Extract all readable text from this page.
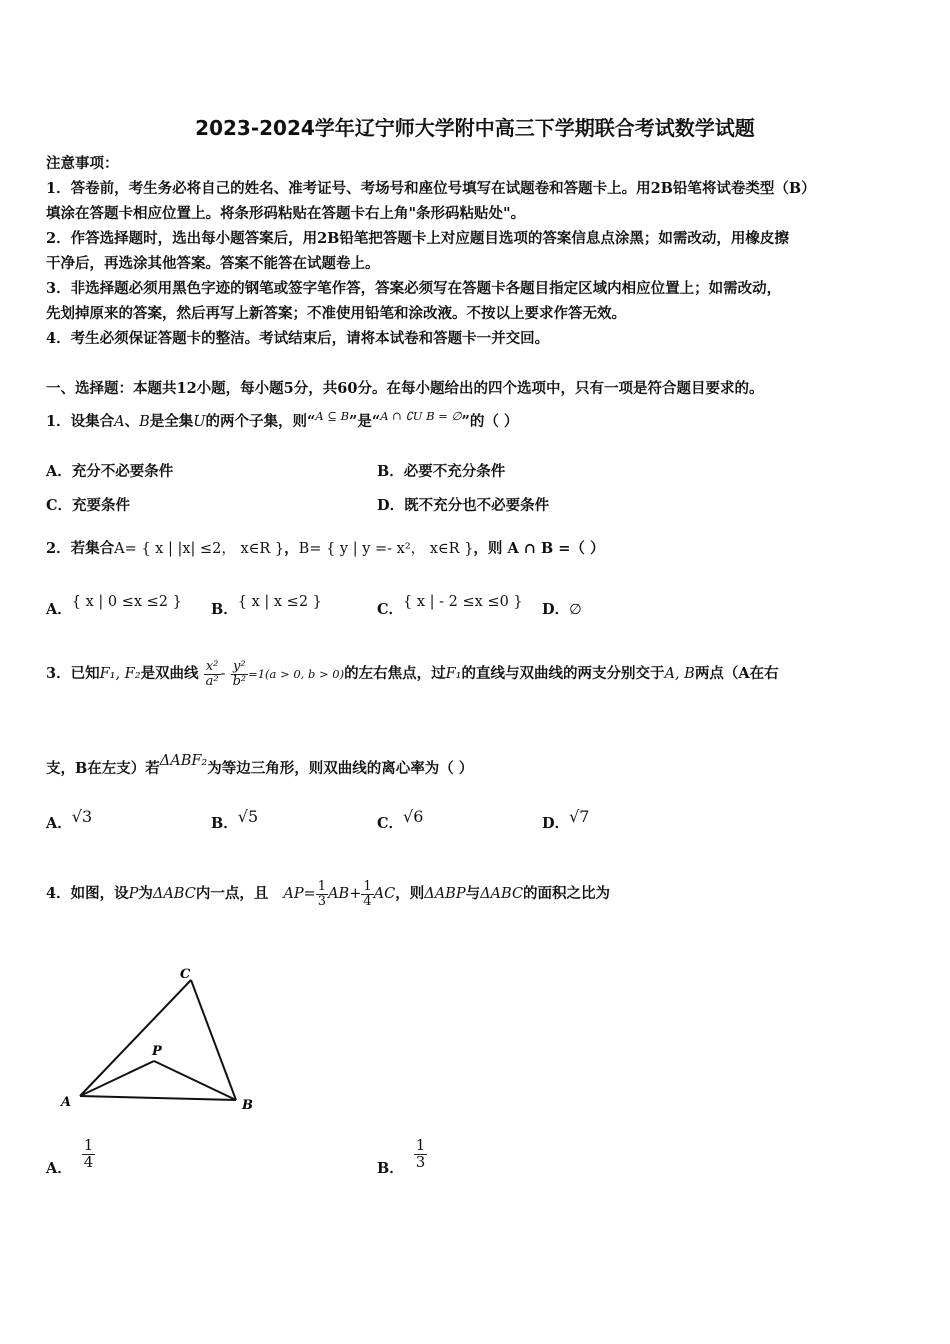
2023-2024学年辽宁师大学附中高三下学期联合考试数学试题
注意事项：
1．答卷前，考生务必将自己的姓名、准考证号、考场号和座位号填写在试题卷和答题卡上。用2B铅笔将试卷类型（B）
填涂在答题卡相应位置上。将条形码粘贴在答题卡右上角"条形码粘贴处"。
2．作答选择题时，选出每小题答案后，用2B铅笔把答题卡上对应题目选项的答案信息点涂黑；如需改动，用橡皮擦
干净后，再选涂其他答案。答案不能答在试题卷上。
3．非选择题必须用黑色字迹的钢笔或签字笔作答，答案必须写在答题卡各题目指定区域内相应位置上；如需改动，
先划掉原来的答案，然后再写上新答案；不准使用铅笔和涂改液。不按以上要求作答无效。
4．考生必须保证答题卡的整洁。考试结束后，请将本试卷和答题卡一并交回。
一、选择题：本题共12小题，每小题5分，共60分。在每小题给出的四个选项中，只有一项是符合题目要求的。
1．设集合A、B是全集U的两个子集，则“$^{A ⊆ B}$”是“$^{A \cap ∁U B = \emptyset}$”的（ ）
A．充分不必要条件	B．必要不充分条件
C．充要条件	D．既不充分也不必要条件
2．若集合A= { x | |x| ≤2， x∈R }，B= { y | y =- x²， x∈R }，则 A ∩ B =（ ）
A．{ x | 0 ≤x ≤2 } B．{ x | x ≤2 }	C．{ x | - 2 ≤x ≤0 } D．∅
3．已知F₁, F₂是双曲线 $\frac{\text{x²}}{\text{a²}} - \frac{\text{y²}}{\text{b²}} =1(a > 0$, b > 0)的左右焦点，过F₁的直线与双曲线的两支分别交于A, B两点（A在右
支，B在左支）若ΔABF₂为等边三角形，则双曲线的离心率为（ ）
A．√3	B．√5	C．√6	D．√7
4．如图，设P为ΔABC内一点，且 $AP= \frac{1}{3} AB+ \frac{1}{4}$ AC，则ΔABP与ΔABC的面积之比为
C
P
A	B
A． $\frac{1}{4}$	B． $\frac{1}{3}$
